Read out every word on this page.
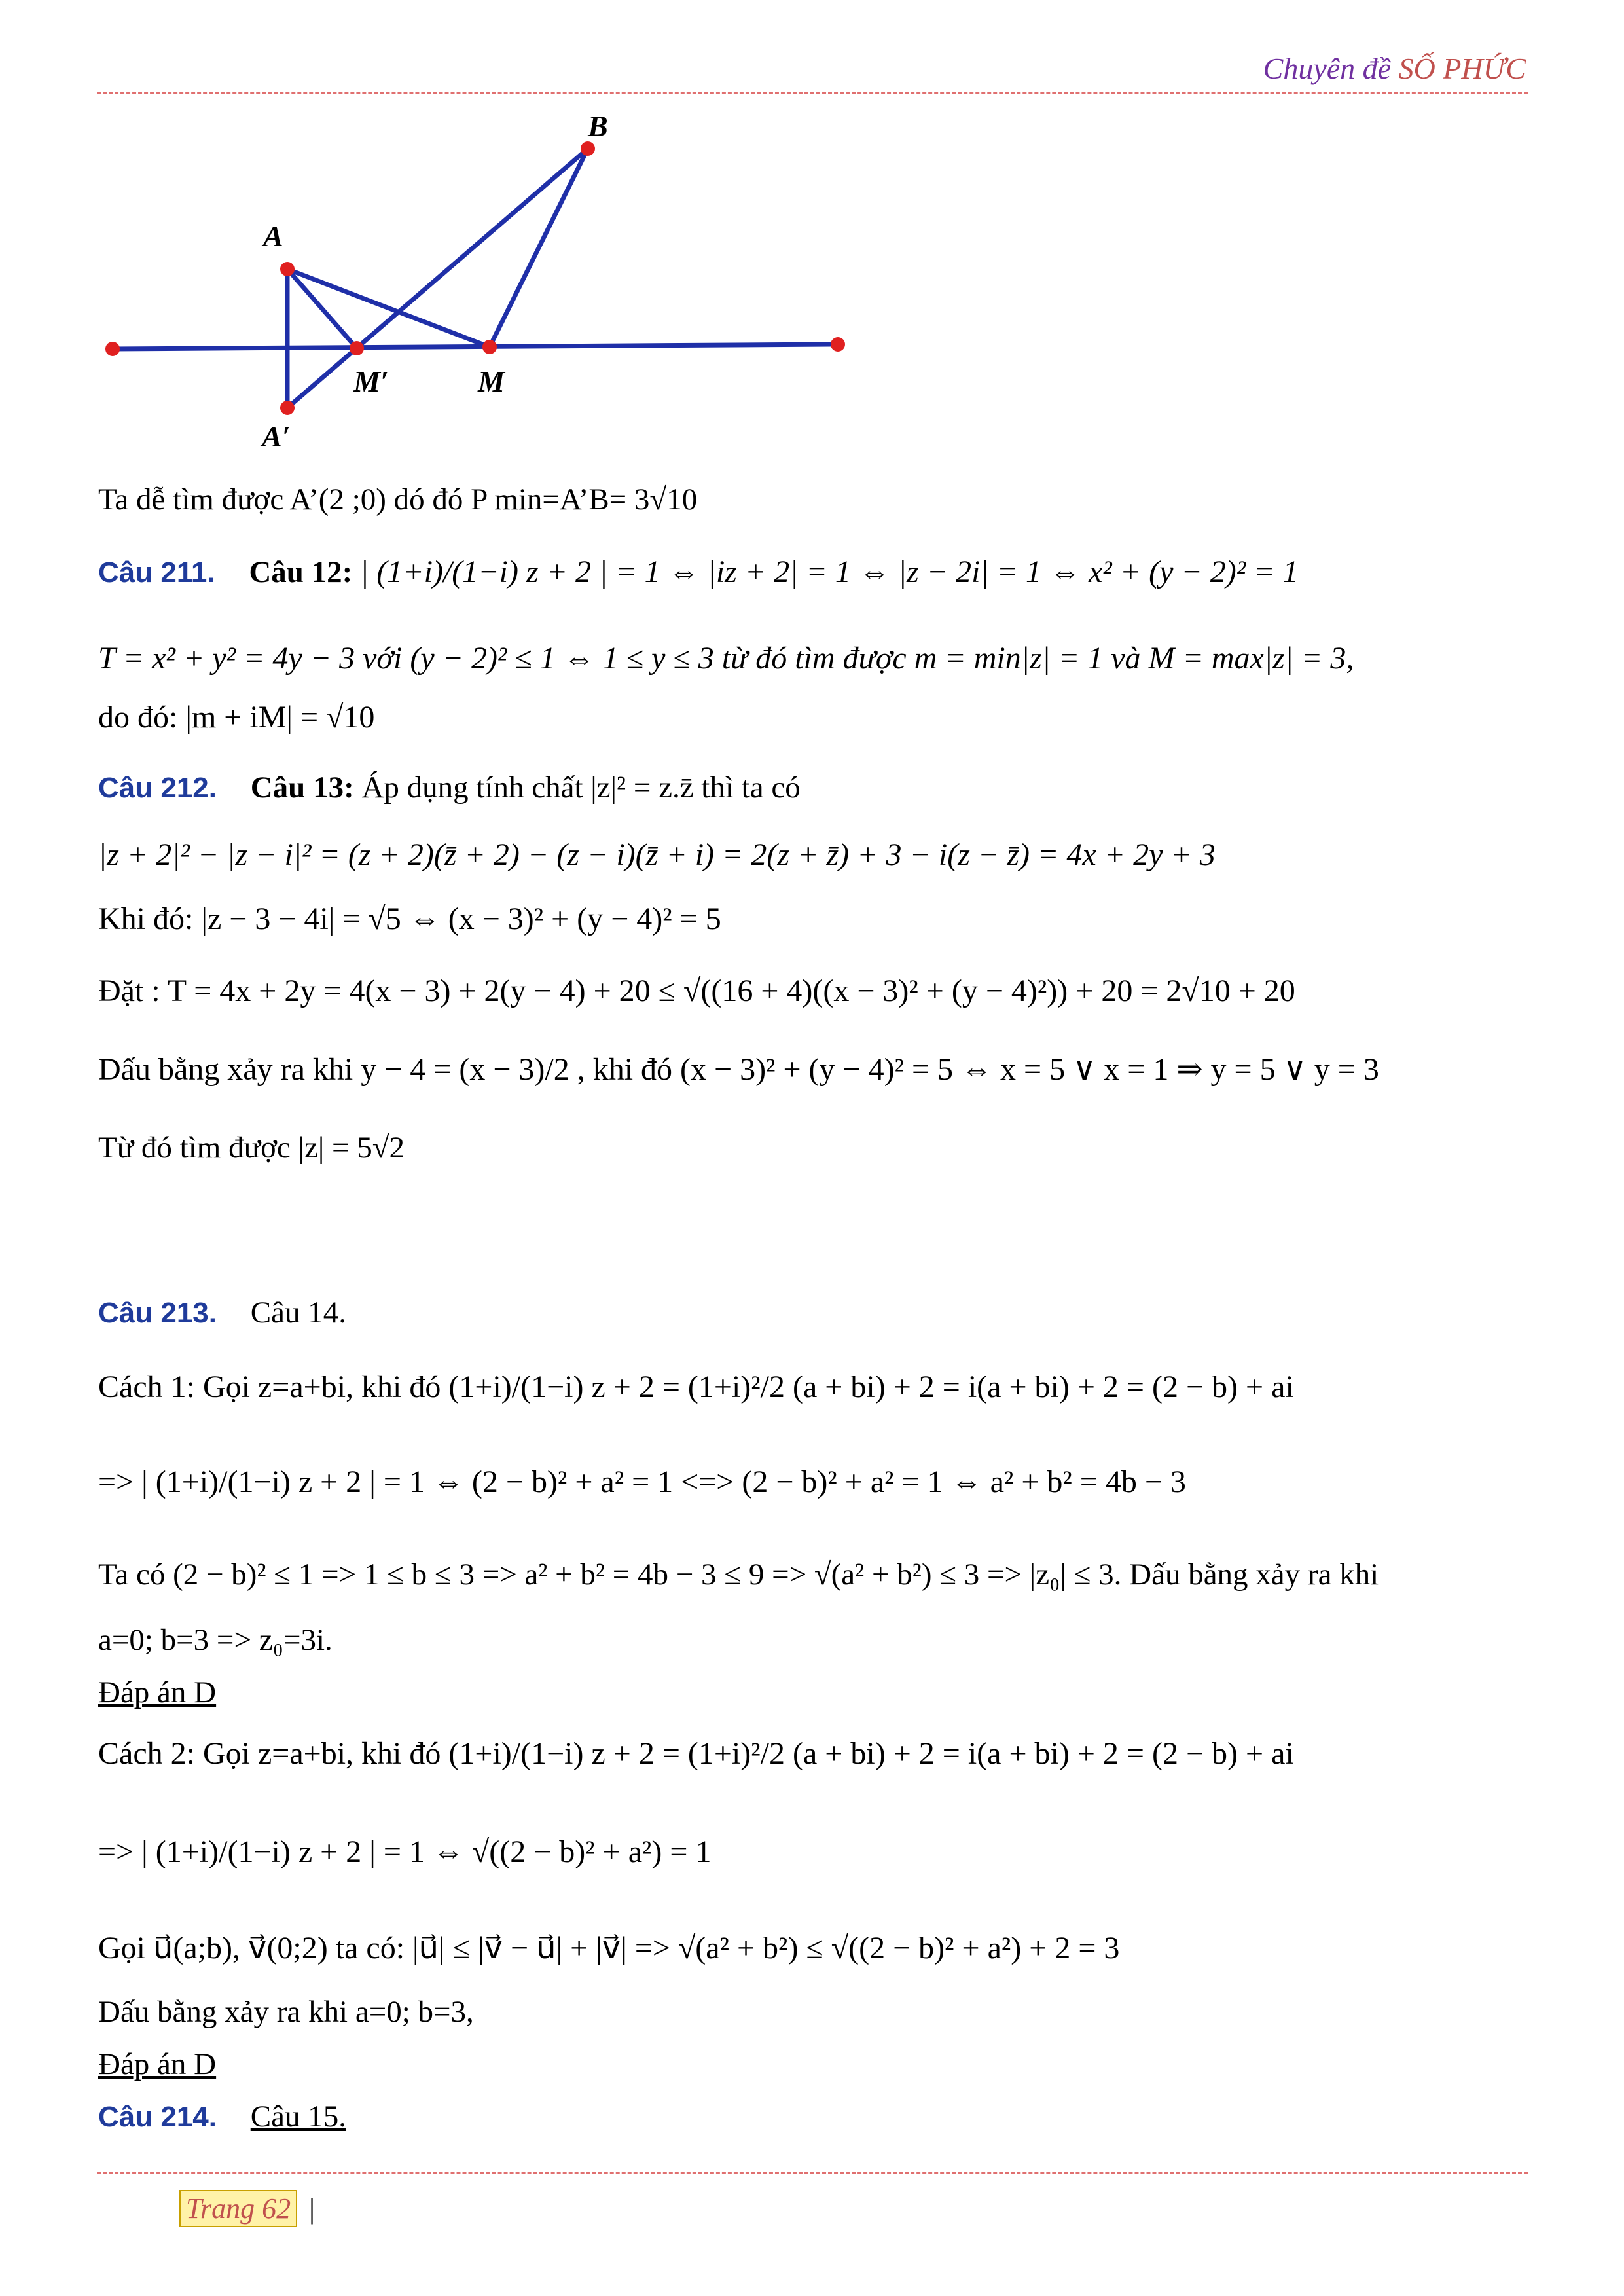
Chuyên đề SỐ PHỨC
A
B
M′	M
A′
Ta dễ tìm được A’(2 ;0) dó đó P min=A’B= 3√10
Câu 211. Câu 12: | (1+i)/(1−i) z + 2 | = 1 ⇔ |iz + 2| = 1 ⇔ |z − 2i| = 1 ⇔ x² + (y − 2)² = 1
T = x² + y² = 4y − 3 với (y − 2)² ≤ 1 ⇔ 1 ≤ y ≤ 3 từ đó tìm được m = min|z| = 1 và M = max|z| = 3,
do đó: |m + iM| = √10
Câu 212. Câu 13: Áp dụng tính chất |z|² = z.z̄ thì ta có
|z + 2|² − |z − i|² = (z + 2)(z̄ + 2) − (z − i)(z̄ + i) = 2(z + z̄) + 3 − i(z − z̄) = 4x + 2y + 3
Khi đó: |z − 3 − 4i| = √5 ⇔ (x − 3)² + (y − 4)² = 5
Đặt : T = 4x + 2y = 4(x − 3) + 2(y − 4) + 20 ≤ √((16 + 4)((x − 3)² + (y − 4)²)) + 20 = 2√10 + 20
Dấu bằng xảy ra khi y − 4 = (x − 3)/2 , khi đó (x − 3)² + (y − 4)² = 5 ⇔ x = 5 ∨ x = 1 ⇒ y = 5 ∨ y = 3
Từ đó tìm được |z| = 5√2
Câu 213. Câu 14.
Cách 1: Gọi z=a+bi, khi đó (1+i)/(1−i) z + 2 = (1+i)²/2 (a + bi) + 2 = i(a + bi) + 2 = (2 − b) + ai
=> | (1+i)/(1−i) z + 2 | = 1 ⇔ (2 − b)² + a² = 1 <=> (2 − b)² + a² = 1 ⇔ a² + b² = 4b − 3
Ta có (2 − b)² ≤ 1 => 1 ≤ b ≤ 3 => a² + b² = 4b − 3 ≤ 9 => √(a² + b²) ≤ 3 => |z₀| ≤ 3. Dấu bằng xảy ra khi
a=0; b=3 => z₀=3i.
Đáp án D
Cách 2: Gọi z=a+bi, khi đó (1+i)/(1−i) z + 2 = (1+i)²/2 (a + bi) + 2 = i(a + bi) + 2 = (2 − b) + ai
=> | (1+i)/(1−i) z + 2 | = 1 ⇔ √((2 − b)² + a²) = 1
Gọi u⃗(a;b), v⃗(0;2) ta có: |u⃗| ≤ |v⃗ − u⃗| + |v⃗| => √(a² + b²) ≤ √((2 − b)² + a²) + 2 = 3
Dấu bằng xảy ra khi a=0; b=3,
Đáp án D
Câu 214. Câu 15.
Trang 62 |
